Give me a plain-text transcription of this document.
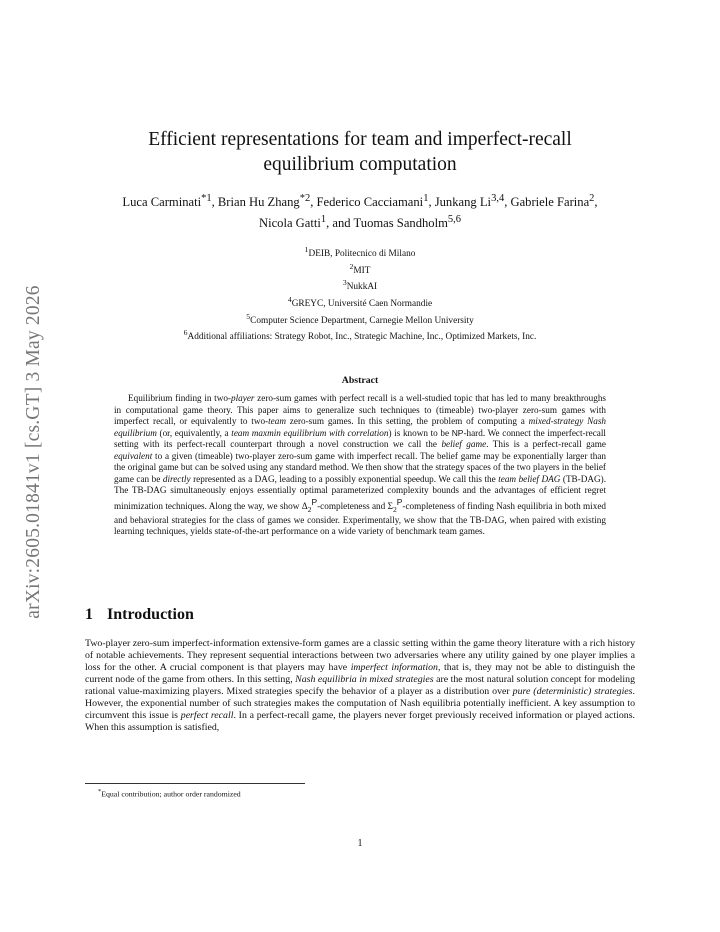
arXiv:2605.01841v1 [cs.GT] 3 May 2026
Efficient representations for team and imperfect-recall
equilibrium computation
Luca Carminati$^{*1}$, Brian Hu Zhang$^{*2}$, Federico Cacciamani$^1$, Junkang Li$^{3,4}$, Gabriele Farina$^2$,
Nicola Gatti$^1$, and Tuomas Sandholm$^{5,6}$
$^1$DEIB, Politecnico di Milano
$^2$MIT
$^3$NukkAI
$^4$GREYC, Université Caen Normandie
$^5$Computer Science Department, Carnegie Mellon University
$^6$Additional affiliations: Strategy Robot, Inc., Strategic Machine, Inc., Optimized Markets, Inc.
Abstract

Equilibrium finding in two-player zero-sum games with perfect recall is a well-studied topic that has led to many breakthroughs in computational game theory. This paper aims to generalize such techniques to (timeable) two-player zero-sum games with imperfect recall, or equivalently to two-team zero-sum games. In this setting, the problem of computing a mixed-strategy Nash equilibrium (or, equivalently, a team maxmin equilibrium with correlation) is known to be NP-hard. We connect the imperfect-recall setting with its perfect-recall counterpart through a novel construction we call the belief game. This is a perfect-recall game equivalent to a given (timeable) two-player zero-sum game with imperfect recall. The belief game may be exponentially larger than the original game but can be solved using any standard method. We then show that the strategy spaces of the two players in the belief game can be directly represented as a DAG, leading to a possibly exponential speedup. We call this the team belief DAG (TB-DAG). The TB-DAG simultaneously enjoys essentially optimal parameterized complexity bounds and the advantages of efficient regret minimization techniques. Along the way, we show $\Delta_2^P$-completeness and $\Sigma_2^P$-completeness of finding Nash equilibria in both mixed and behavioral strategies for the class of games we consider. Experimentally, we show that the TB-DAG, when paired with existing learning techniques, yields state-of-the-art performance on a wide variety of benchmark team games.

1 Introduction

Two-player zero-sum imperfect-information extensive-form games are a classic setting within the game theory literature with a rich history of notable achievements. They represent sequential interactions between two adversaries where any utility gained by one player implies a loss for the other. A crucial component is that players may have imperfect information, that is, they may not be able to distinguish the current node of the game from others. In this setting, Nash equilibria in mixed strategies are the most natural solution concept for modeling rational value-maximizing players. Mixed strategies specify the behavior of a player as a distribution over pure (deterministic) strategies. However, the exponential number of such strategies makes the computation of Nash equilibria potentially inefficient. A key assumption to circumvent this issue is perfect recall. In a perfect-recall game, the players never forget previously received information or played actions. When this assumption is satisfied,

*Equal contribution; author order randomized
1
